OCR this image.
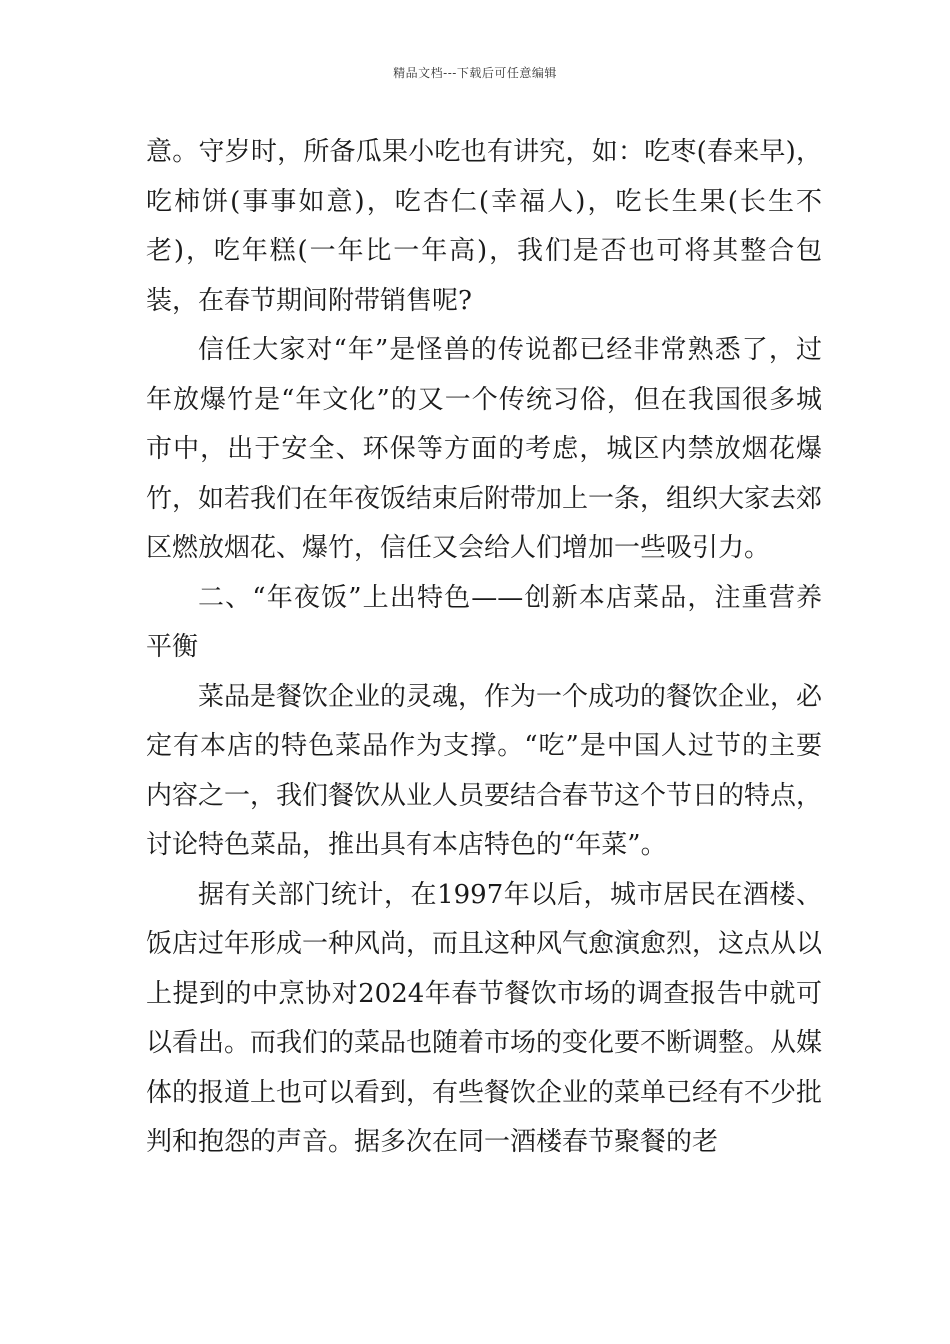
精品文档---下载后可任意编辑

意。守岁时，所备瓜果小吃也有讲究，如：吃枣(春来早)，吃柿饼(事事如意)，吃杏仁(幸福人)，吃长生果(长生不老)，吃年糕(一年比一年高)，我们是否也可将其整合包装，在春节期间附带销售呢?

信任大家对“年”是怪兽的传说都已经非常熟悉了，过年放爆竹是“年文化”的又一个传统习俗，但在我国很多城市中，出于安全、环保等方面的考虑，城区内禁放烟花爆竹，如若我们在年夜饭结束后附带加上一条，组织大家去郊区燃放烟花、爆竹，信任又会给人们增加一些吸引力。

二、“年夜饭”上出特色——创新本店菜品，注重营养平衡

菜品是餐饮企业的灵魂，作为一个成功的餐饮企业，必定有本店的特色菜品作为支撑。“吃”是中国人过节的主要内容之一，我们餐饮从业人员要结合春节这个节日的特点，讨论特色菜品，推出具有本店特色的“年菜”。

据有关部门统计，在1997年以后，城市居民在酒楼、饭店过年形成一种风尚，而且这种风气愈演愈烈，这点从以上提到的中烹协对2024年春节餐饮市场的调查报告中就可以看出。而我们的菜品也随着市场的变化要不断调整。从媒体的报道上也可以看到，有些餐饮企业的菜单已经有不少批判和抱怨的声音。据多次在同一酒楼春节聚餐的老
